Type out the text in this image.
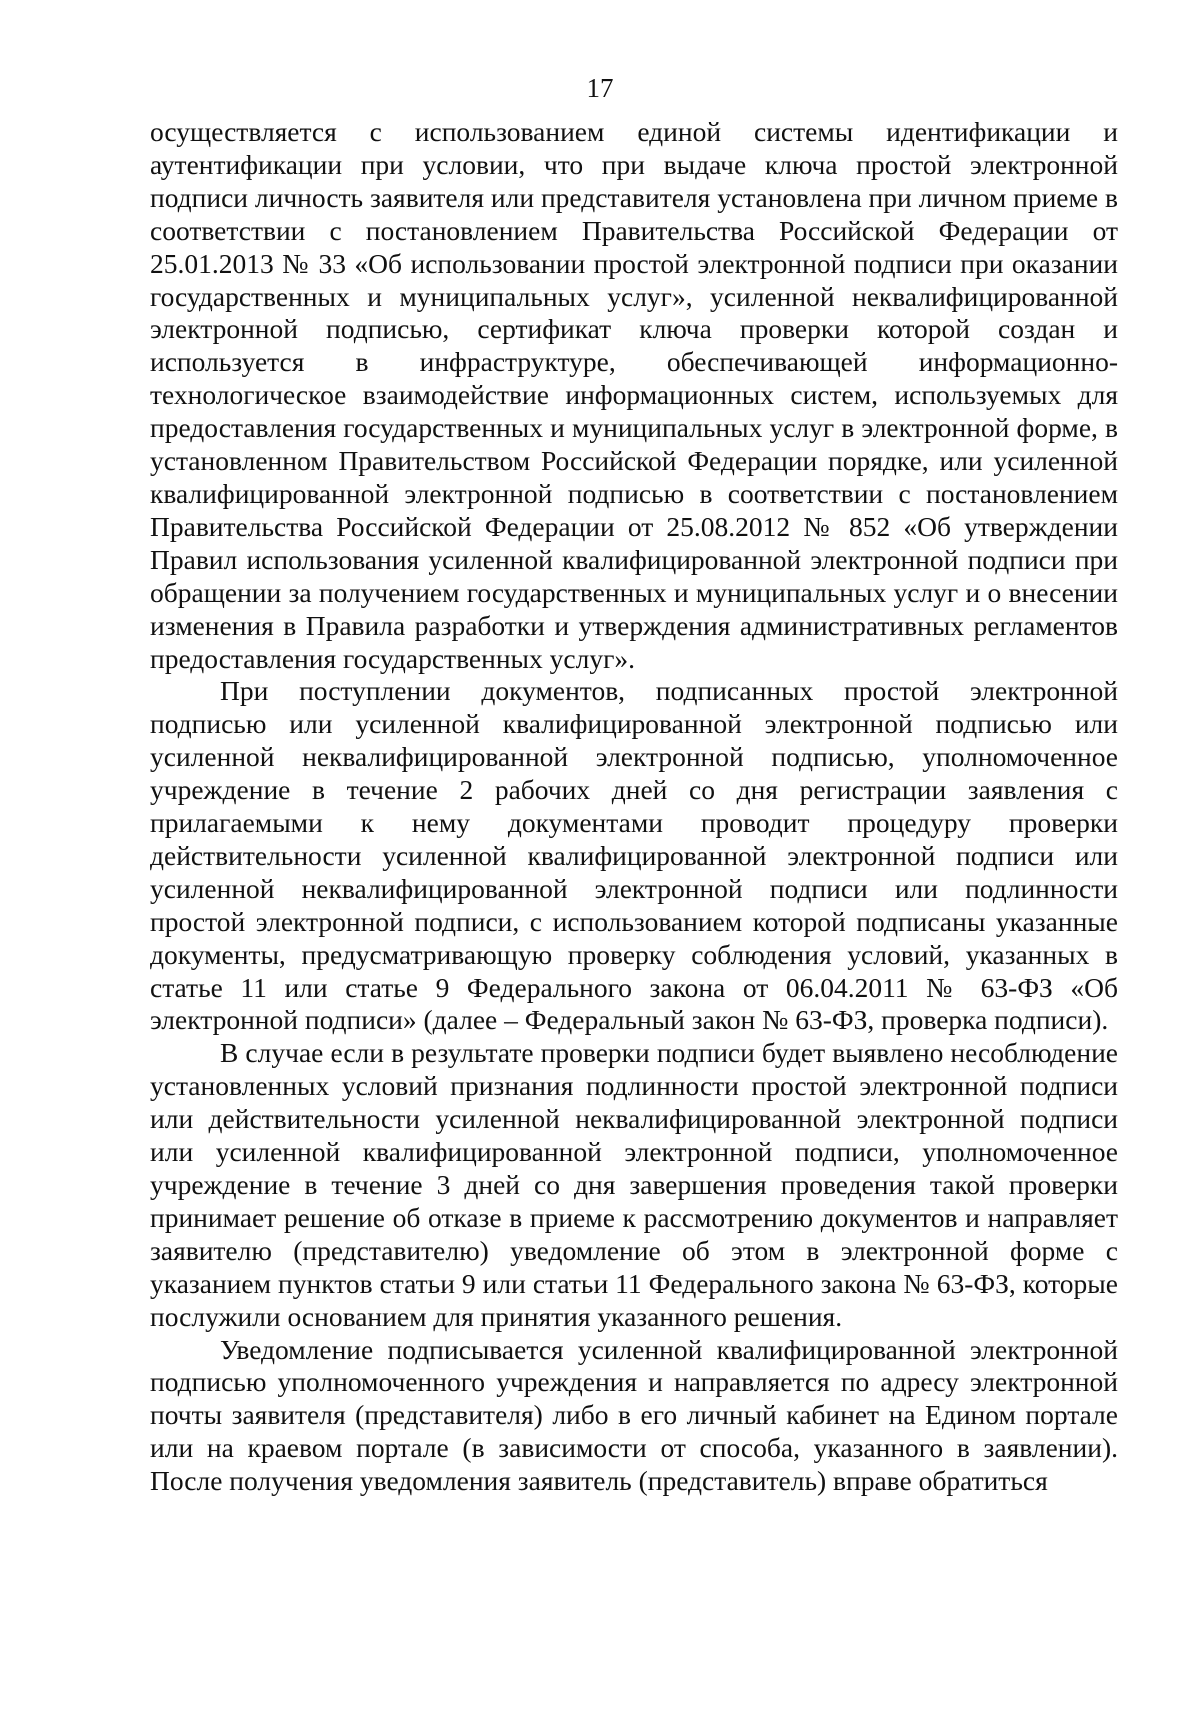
17

осуществляется с использованием единой системы идентификации и аутентификации при условии, что при выдаче ключа простой электронной подписи личность заявителя или представителя установлена при личном приеме в соответствии с постановлением Правительства Российской Федерации от 25.01.2013 № 33 «Об использовании простой электронной подписи при оказании государственных и муниципальных услуг», усиленной неквалифицированной электронной подписью, сертификат ключа проверки которой создан и используется в инфраструктуре, обеспечивающей информационно-технологическое взаимодействие информационных систем, используемых для предоставления государственных и муниципальных услуг в электронной форме, в установленном Правительством Российской Федерации порядке, или усиленной квалифицированной электронной подписью в соответствии с постановлением Правительства Российской Федерации от 25.08.2012 № 852 «Об утверждении Правил использования усиленной квалифицированной электронной подписи при обращении за получением государственных и муниципальных услуг и о внесении изменения в Правила разработки и утверждения административных регламентов предоставления государственных услуг».

При поступлении документов, подписанных простой электронной подписью или усиленной квалифицированной электронной подписью или усиленной неквалифицированной электронной подписью, уполномоченное учреждение в течение 2 рабочих дней со дня регистрации заявления с прилагаемыми к нему документами проводит процедуру проверки действительности усиленной квалифицированной электронной подписи или усиленной неквалифицированной электронной подписи или подлинности простой электронной подписи, с использованием которой подписаны указанные документы, предусматривающую проверку соблюдения условий, указанных в статье 11 или статье 9 Федерального закона от 06.04.2011 № 63-ФЗ «Об электронной подписи» (далее – Федеральный закон № 63-ФЗ, проверка подписи).

В случае если в результате проверки подписи будет выявлено несоблюдение установленных условий признания подлинности простой электронной подписи или действительности усиленной неквалифицированной электронной подписи или усиленной квалифицированной электронной подписи, уполномоченное учреждение в течение 3 дней со дня завершения проведения такой проверки принимает решение об отказе в приеме к рассмотрению документов и направляет заявителю (представителю) уведомление об этом в электронной форме с указанием пунктов статьи 9 или статьи 11 Федерального закона № 63-ФЗ, которые послужили основанием для принятия указанного решения.

Уведомление подписывается усиленной квалифицированной электронной подписью уполномоченного учреждения и направляется по адресу электронной почты заявителя (представителя) либо в его личный кабинет на Едином портале или на краевом портале (в зависимости от способа, указанного в заявлении). После получения уведомления заявитель (представитель) вправе обратиться
